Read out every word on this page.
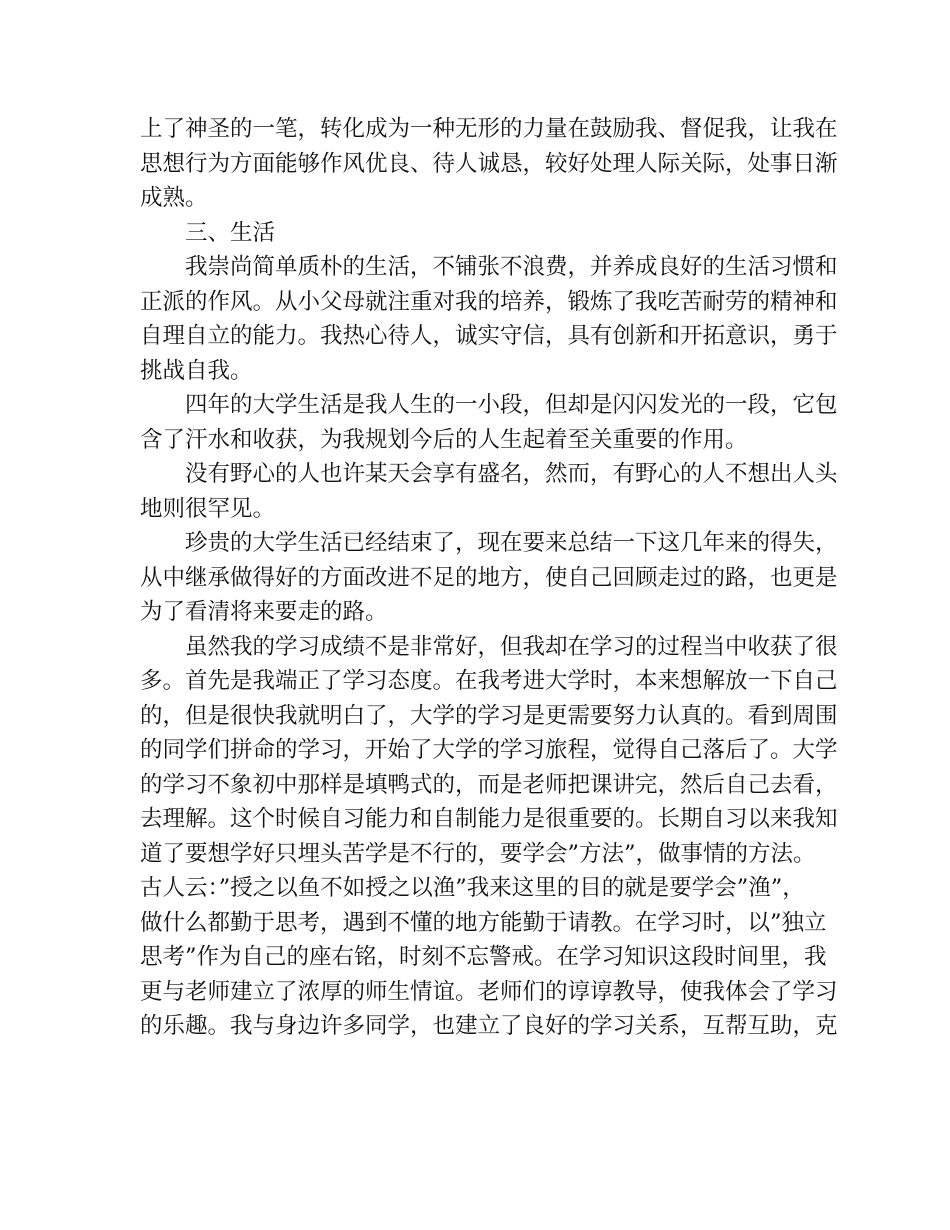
上了神圣的一笔，转化成为一种无形的力量在鼓励我、督促我，让我在
思想行为方面能够作风优良、待人诚恳，较好处理人际关际，处事日渐
成熟。
三、生活
我崇尚简单质朴的生活，不铺张不浪费，并养成良好的生活习惯和
正派的作风。从小父母就注重对我的培养，锻炼了我吃苦耐劳的精神和
自理自立的能力。我热心待人，诚实守信，具有创新和开拓意识，勇于
挑战自我。
四年的大学生活是我人生的一小段，但却是闪闪发光的一段，它包
含了汗水和收获，为我规划今后的人生起着至关重要的作用。
没有野心的人也许某天会享有盛名，然而，有野心的人不想出人头
地则很罕见。
珍贵的大学生活已经结束了，现在要来总结一下这几年来的得失，
从中继承做得好的方面改进不足的地方，使自己回顾走过的路，也更是
为了看清将来要走的路。
虽然我的学习成绩不是非常好，但我却在学习的过程当中收获了很
多。首先是我端正了学习态度。在我考进大学时，本来想解放一下自己
的，但是很快我就明白了，大学的学习是更需要努力认真的。看到周围
的同学们拼命的学习，开始了大学的学习旅程，觉得自己落后了。大学
的学习不象初中那样是填鸭式的，而是老师把课讲完，然后自己去看，
去理解。这个时候自习能力和自制能力是很重要的。长期自习以来我知
道了要想学好只埋头苦学是不行的，要学会”方法”，做事情的方法。
古人云：”授之以鱼不如授之以渔”我来这里的目的就是要学会”渔”，
做什么都勤于思考，遇到不懂的地方能勤于请教。在学习时，以”独立
思考”作为自己的座右铭，时刻不忘警戒。在学习知识这段时间里，我
更与老师建立了浓厚的师生情谊。老师们的谆谆教导，使我体会了学习
的乐趣。我与身边许多同学，也建立了良好的学习关系，互帮互助，克
